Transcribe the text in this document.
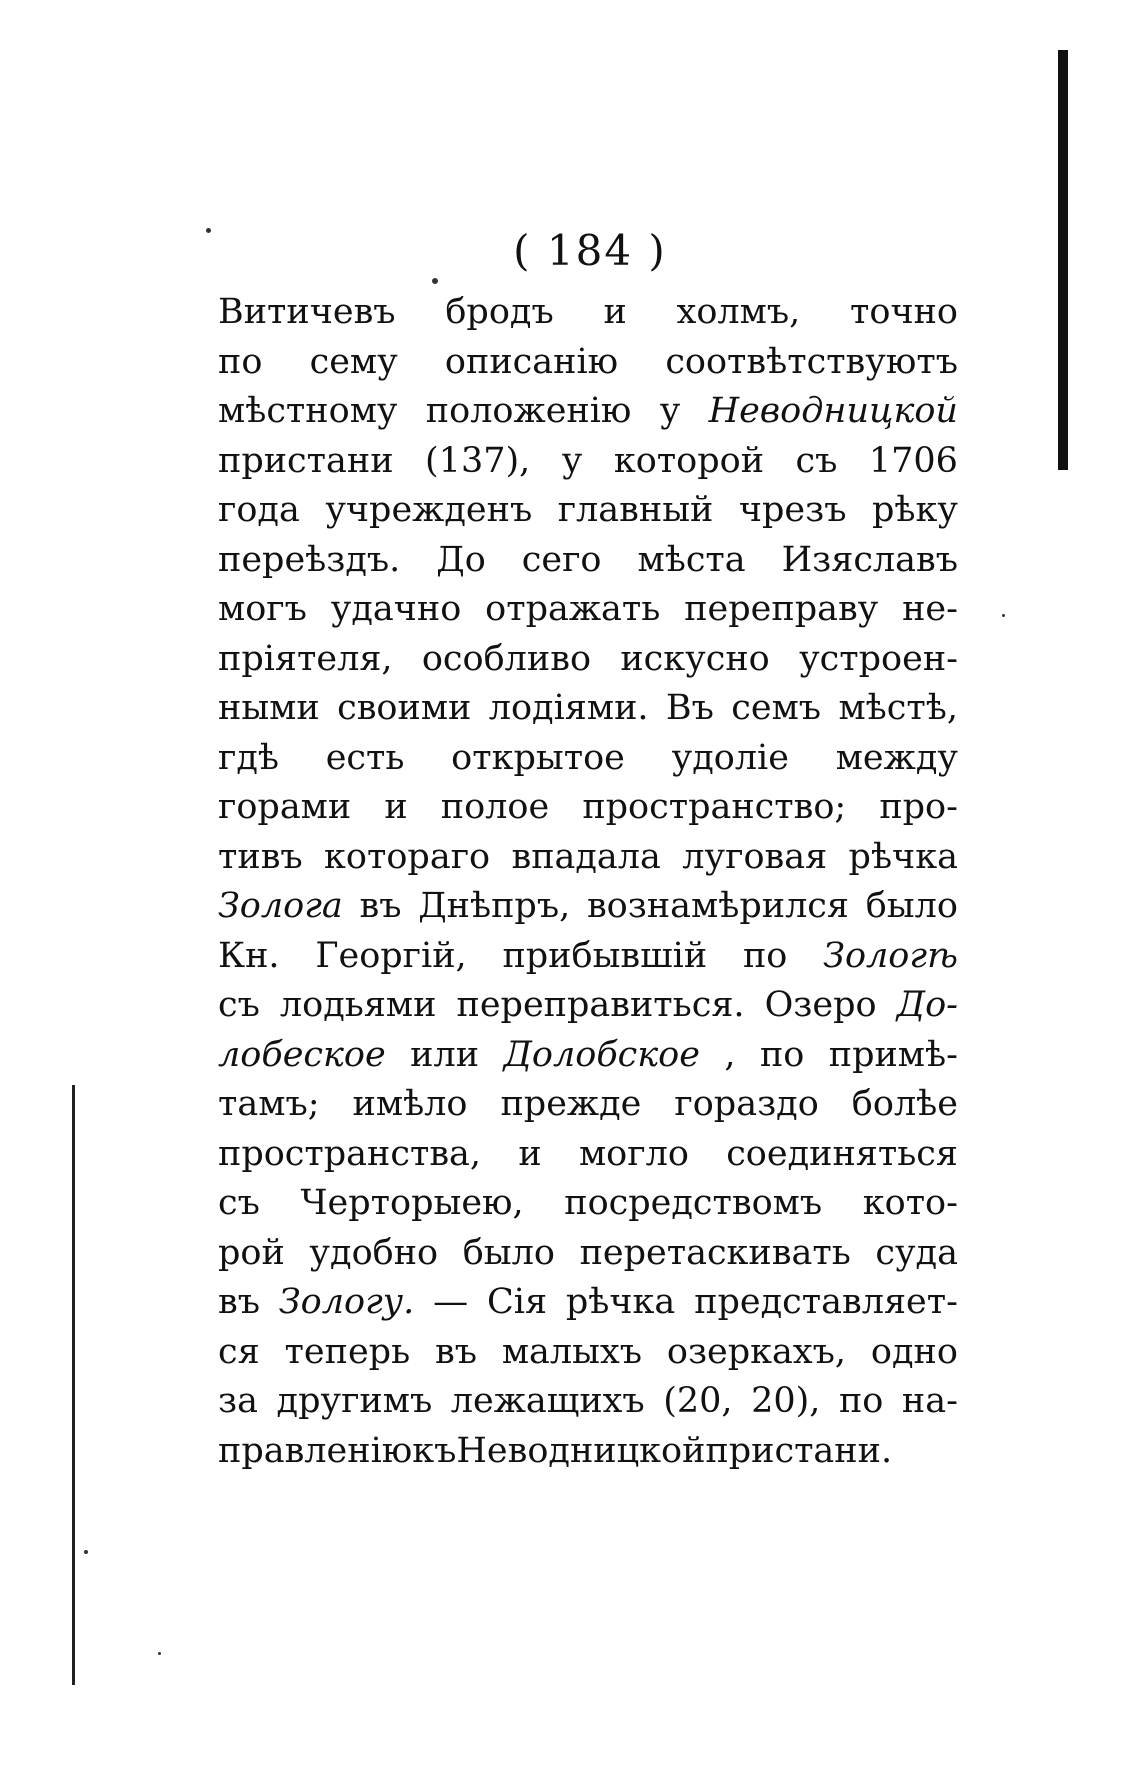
( 184 )
Витичевъ бродъ и холмъ, точно
по сему описанію соотвѣтствуютъ
мѣстному положенію у Неводницкой
пристани (137), у которой съ 1706
года учрежденъ главный чрезъ рѣку
переѣздъ. До сего мѣста Изяславъ
могъ удачно отражать переправу не-
пріятеля, особливо искусно устроен-
ными своими лодіями. Въ семъ мѣстѣ,
гдѣ есть открытое удоліе между
горами и полое пространство; про-
тивъ котораго впадала луговая рѣчка
Золога въ Днѣпръ, вознамѣрился было
Кн. Георгій, прибывшій по Зологѣ
съ лодьями переправиться. Озеро До-
лобеское или Долобское , по примѣ-
тамъ; имѣло прежде гораздо болѣе
пространства, и могло соединяться
съ Черторыею, посредствомъ кото-
рой удобно было перетаскивать суда
въ Зологу. — Сія рѣчка представляет-
ся теперь въ малыхъ озеркахъ, одно
за другимъ лежащихъ (20, 20), по на-
правленію къ Неводницкой пристани.
